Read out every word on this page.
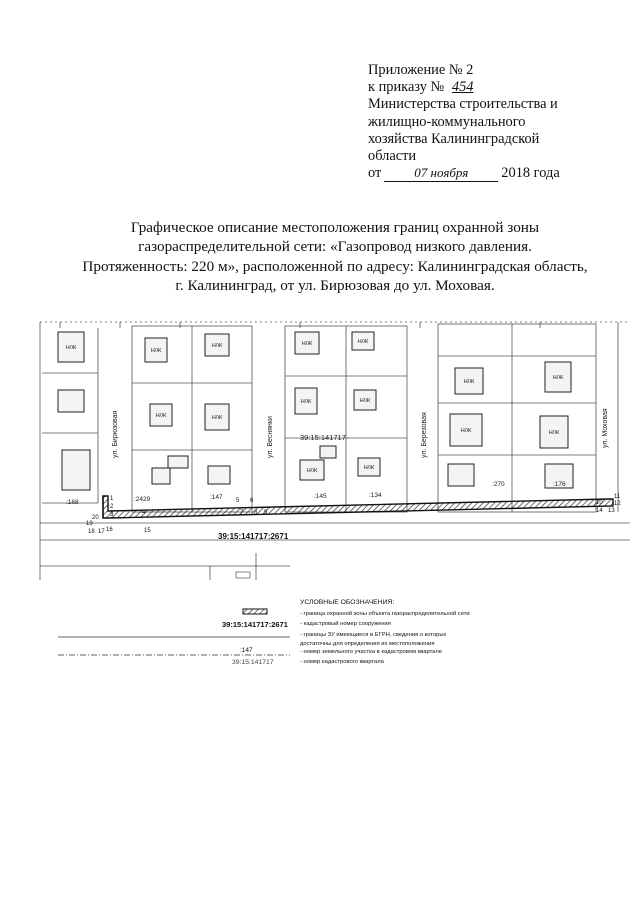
Приложение № 2
к приказу № 454
Министерства строительства и
жилищно-коммунального
хозяйства Калининградской
области
от	07 ноября	2018 года
Графическое описание местоположения границ охранной зоны
газораспределительной сети: «Газопровод низкого давления.
Протяженность: 220 м», расположенной по адресу: Калининградская область,
г. Калининград, от ул. Бирюзовая до ул. Моховая.
Н/Ж	Н/Ж
Н/Ж
Н/Ж	Н/Ж
Н/Ж	Н/Ж
Н/Ж	Н/Ж
Н/Ж	Н/Ж
Н/Ж
Н/Ж
Н/Ж	Н/Ж
ул. Бирюзовая	ул. Веснянки	ул. Березовая	ул. Моховая
39:15:141717
:168	:2429	:147	:145	:134
:270	:176
1
2
3	4
5 6
7 8 9
10
11
12
13
14
15
16
17
18
19
20
39:15:141717:2671
УСЛОВНЫЕ ОБОЗНАЧЕНИЯ:
- граница охранной зоны объекта газораспределительной сети
39:15:141717:2671 - кадастровый номер сооружения
- границы ЗУ имеющиеся в ЕГРН, сведения о которых
достаточны для определения их местоположения
:147	- номер земельного участка в кадастровом квартале
39:15:141717	- номер кадастрового квартала
